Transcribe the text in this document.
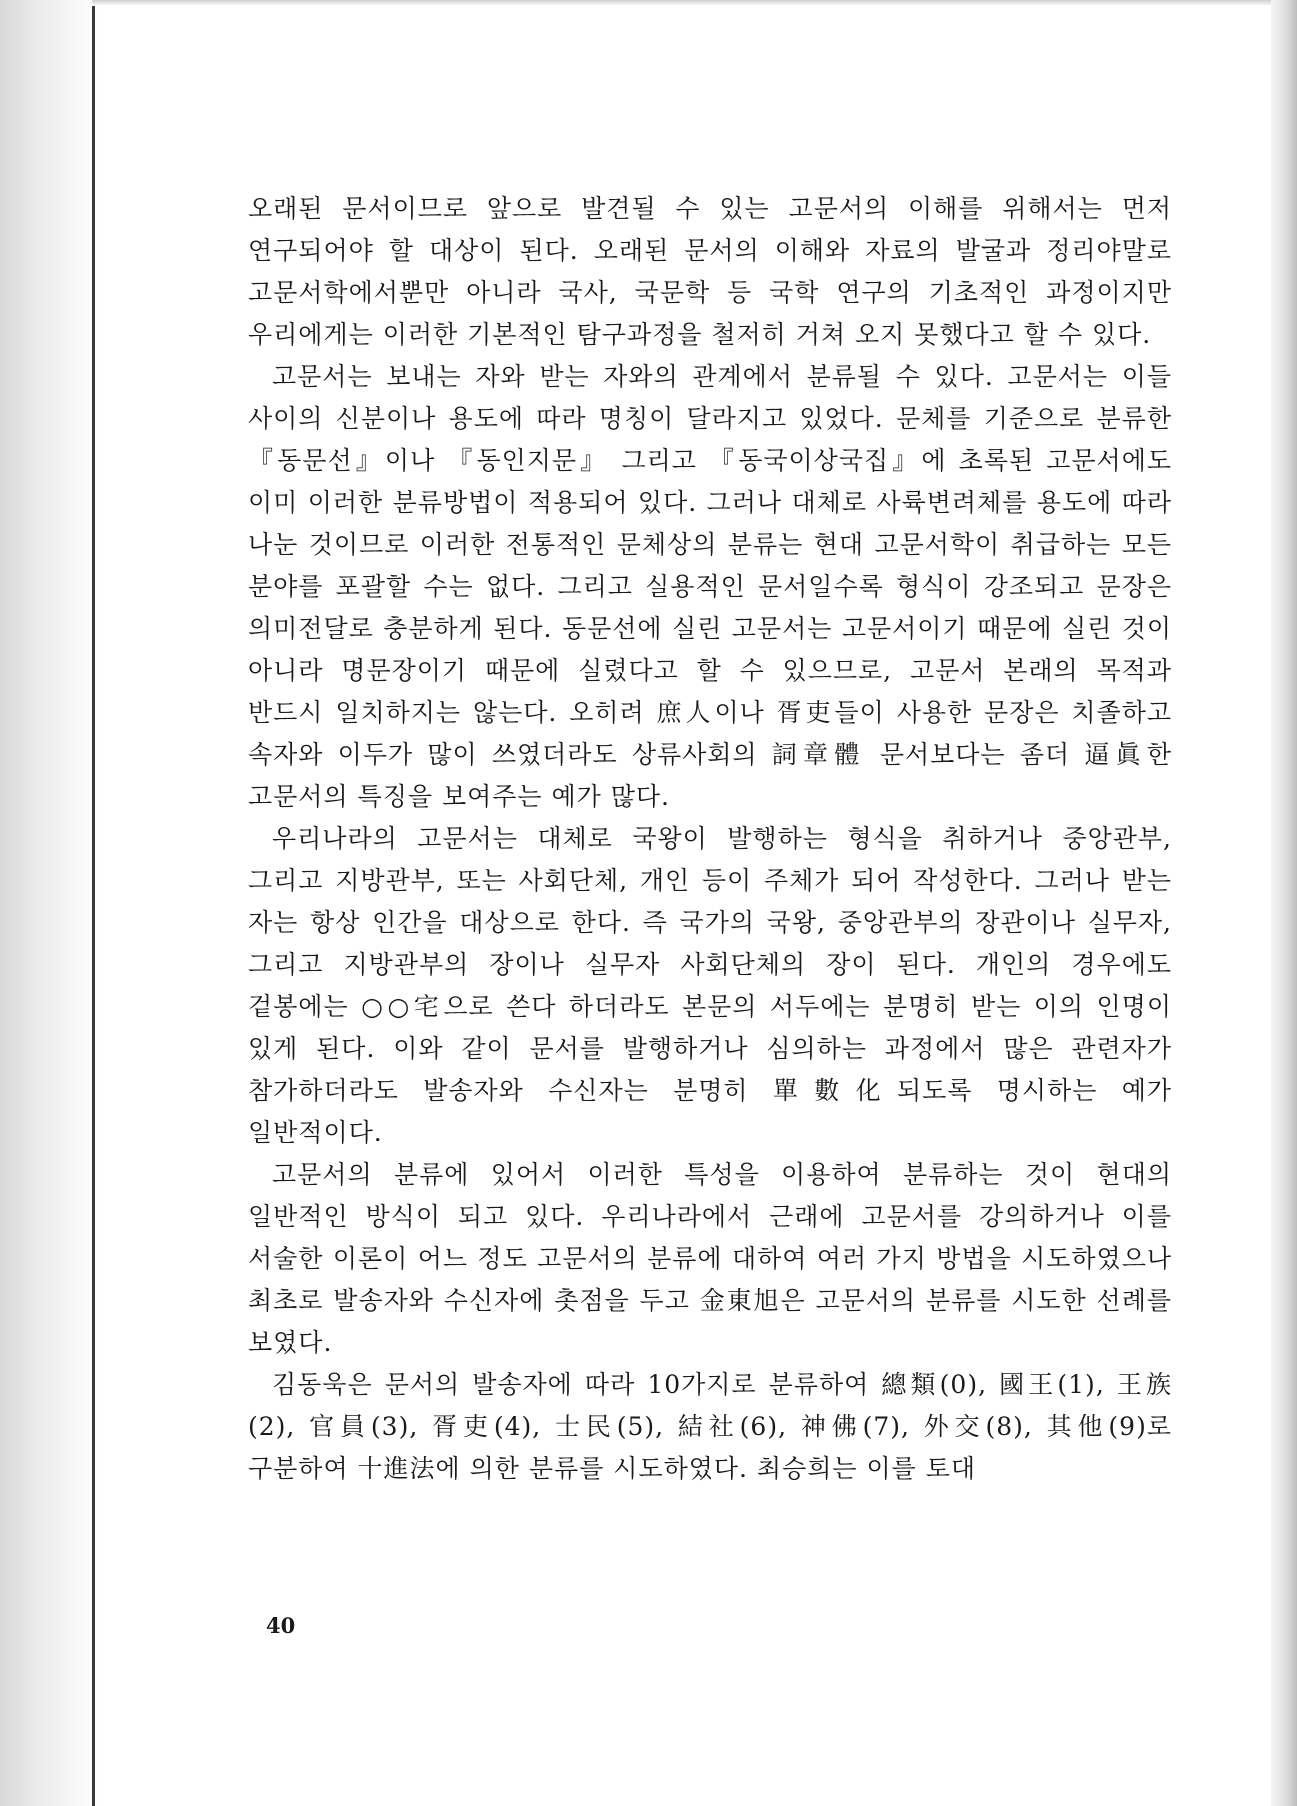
오래된 문서이므로 앞으로 발견될 수 있는 고문서의 이해를 위해서는 먼저 연구되어야 할 대상이 된다. 오래된 문서의 이해와 자료의 발굴과 정리야말로 고문서학에서뿐만 아니라 국사, 국문학 등 국학 연구의 기초적인 과정이지만 우리에게는 이러한 기본적인 탐구과정을 철저히 거쳐 오지 못했다고 할 수 있다.

고문서는 보내는 자와 받는 자와의 관계에서 분류될 수 있다. 고문서는 이들 사이의 신분이나 용도에 따라 명칭이 달라지고 있었다. 문체를 기준으로 분류한 『동문선』이나 『동인지문』 그리고 『동국이상국집』에 초록된 고문서에도 이미 이러한 분류방법이 적용되어 있다. 그러나 대체로 사륙변려체를 용도에 따라 나눈 것이므로 이러한 전통적인 문체상의 분류는 현대 고문서학이 취급하는 모든 분야를 포괄할 수는 없다. 그리고 실용적인 문서일수록 형식이 강조되고 문장은 의미전달로 충분하게 된다. 동문선에 실린 고문서는 고문서이기 때문에 실린 것이 아니라 명문장이기 때문에 실렸다고 할 수 있으므로, 고문서 본래의 목적과 반드시 일치하지는 않는다. 오히려 庶人이나 胥吏들이 사용한 문장은 치졸하고 속자와 이두가 많이 쓰였더라도 상류사회의 詞章體 문서보다는 좀더 逼眞한 고문서의 특징을 보여주는 예가 많다.

우리나라의 고문서는 대체로 국왕이 발행하는 형식을 취하거나 중앙관부, 그리고 지방관부, 또는 사회단체, 개인 등이 주체가 되어 작성한다. 그러나 받는 자는 항상 인간을 대상으로 한다. 즉 국가의 국왕, 중앙관부의 장관이나 실무자, 그리고 지방관부의 장이나 실무자 사회단체의 장이 된다. 개인의 경우에도 겉봉에는 ○○宅으로 쓴다 하더라도 본문의 서두에는 분명히 받는 이의 인명이 있게 된다. 이와 같이 문서를 발행하거나 심의하는 과정에서 많은 관련자가 참가하더라도 발송자와 수신자는 분명히 單數化되도록 명시하는 예가 일반적이다.

고문서의 분류에 있어서 이러한 특성을 이용하여 분류하는 것이 현대의 일반적인 방식이 되고 있다. 우리나라에서 근래에 고문서를 강의하거나 이를 서술한 이론이 어느 정도 고문서의 분류에 대하여 여러 가지 방법을 시도하였으나 최초로 발송자와 수신자에 촛점을 두고 金東旭은 고문서의 분류를 시도한 선례를 보였다.

김동욱은 문서의 발송자에 따라 10가지로 분류하여 總類(0), 國王(1), 王族(2), 官員(3), 胥吏(4), 士民(5), 結社(6), 神佛(7), 外交(8), 其他(9)로 구분하여 十進法에 의한 분류를 시도하였다. 최승희는 이를 토대

40
